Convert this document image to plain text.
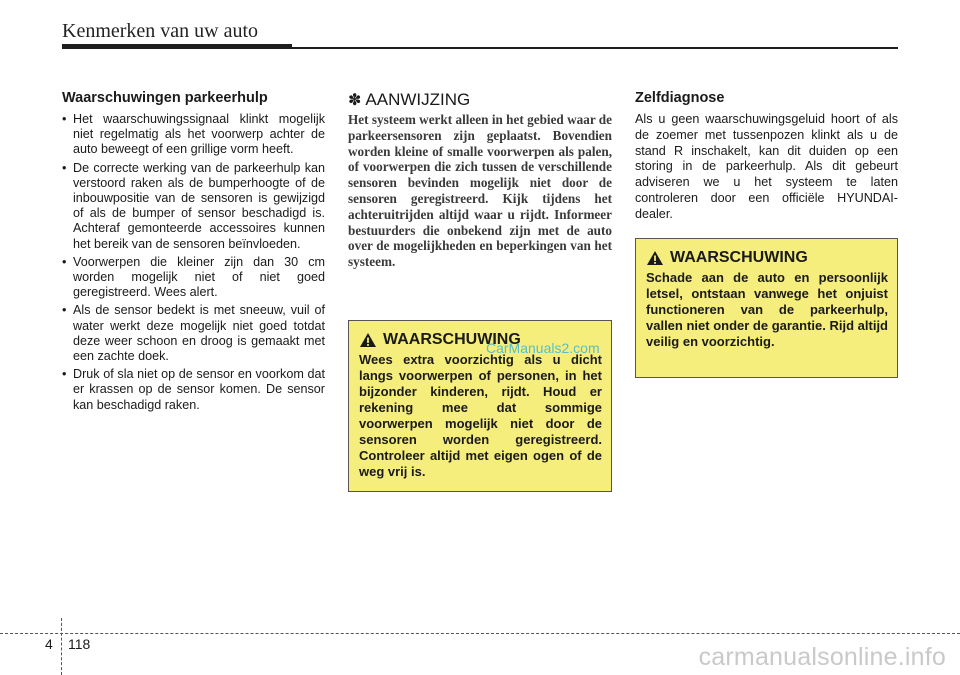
Kenmerken van uw auto
Waarschuwingen parkeerhulp
• Het waarschuwingssignaal klinkt mogelijk niet regelmatig als het voorwerp achter de auto beweegt of een grillige vorm heeft.
• De correcte werking van de parkeerhulp kan verstoord raken als de bumperhoogte of de inbouwpositie van de sensoren is gewijzigd of als de bumper of sensor beschadigd is. Achteraf gemonteerde accessoires kunnen het bereik van de sensoren beïnvloeden.
• Voorwerpen die kleiner zijn dan 30 cm worden mogelijk niet of niet goed geregistreerd. Wees alert.
• Als de sensor bedekt is met sneeuw, vuil of water werkt deze mogelijk niet goed totdat deze weer schoon en droog is gemaakt met een zachte doek.
• Druk of sla niet op de sensor en voorkom dat er krassen op de sensor komen. De sensor kan beschadigd raken.
✽ AANWIJZING
Het systeem werkt alleen in het gebied waar de parkeersensoren zijn geplaatst. Bovendien worden kleine of smalle voorwerpen als palen, of voorwerpen die zich tussen de verschillende sensoren bevinden mogelijk niet door de sensoren geregistreerd. Kijk tijdens het achteruitrijden altijd waar u rijdt. Informeer bestuurders die onbekend zijn met de auto over de mogelijkheden en beperkingen van het systeem.
WAARSCHUWING
Wees extra voorzichtig als u dicht langs voorwerpen of personen, in het bijzonder kinderen, rijdt. Houd er rekening mee dat sommige voorwerpen mogelijk niet door de sensoren worden geregistreerd. Controleer altijd met eigen ogen of de weg vrij is.
Zelfdiagnose
Als u geen waarschuwingsgeluid hoort of als de zoemer met tussenpozen klinkt als u de stand R inschakelt, kan dit duiden op een storing in de parkeerhulp. Als dit gebeurt adviseren we u het systeem te laten controleren door een officiële HYUNDAI-dealer.
WAARSCHUWING
Schade aan de auto en persoonlijk letsel, ontstaan vanwege het onjuist functioneren van de parkeerhulp, vallen niet onder de garantie. Rijd altijd veilig en voorzichtig.
CarManuals2.com
4 118	carmanualsonline.info
